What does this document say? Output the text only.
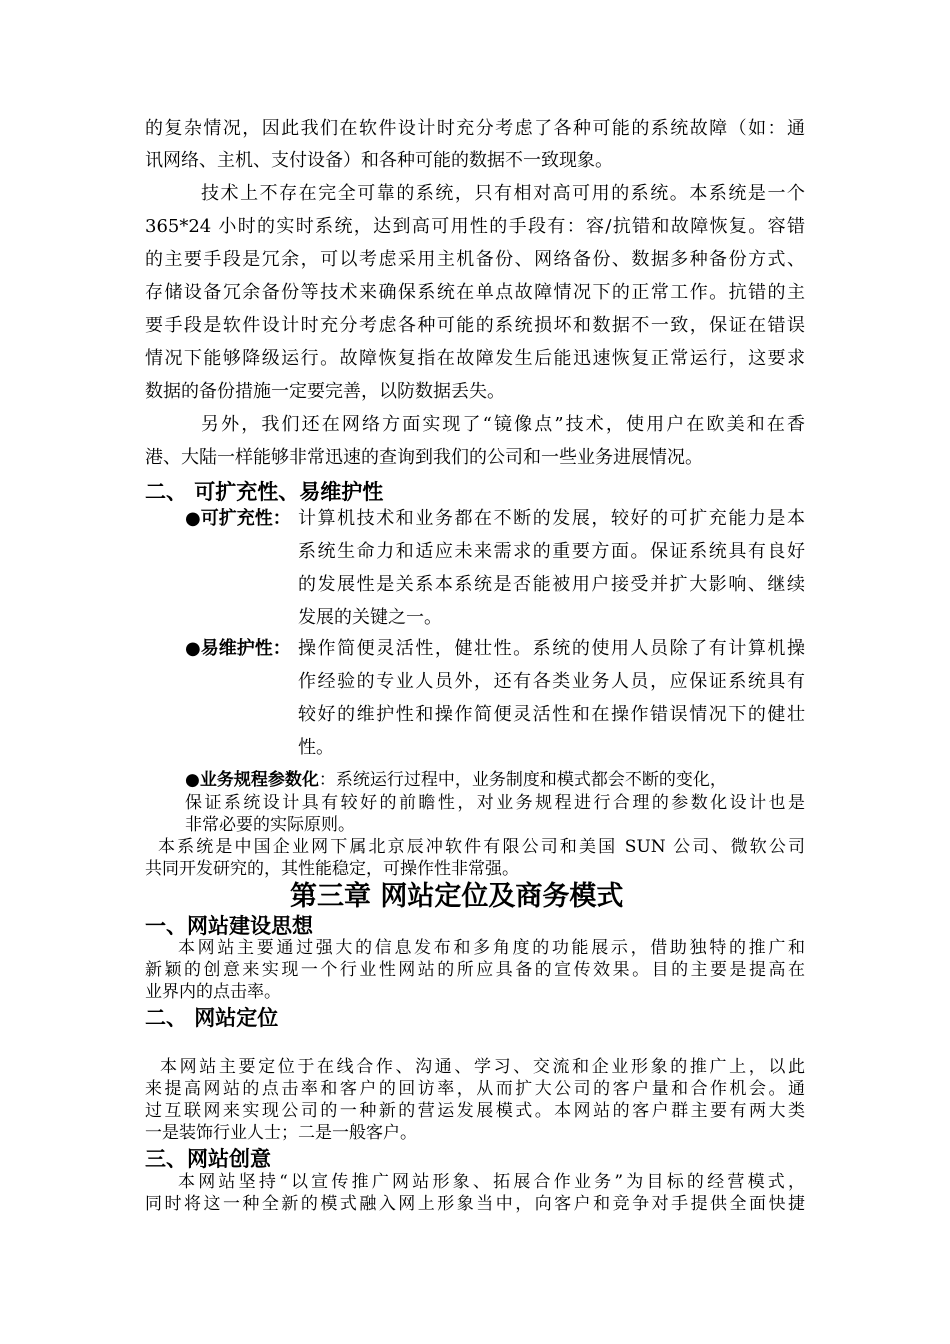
的复杂情况，因此我们在软件设计时充分考虑了各种可能的系统故障（如：通
讯网络、主机、支付设备）和各种可能的数据不一致现象。
技术上不存在完全可靠的系统，只有相对高可用的系统。本系统是一个
365*24 小时的实时系统，达到高可用性的手段有：容/抗错和故障恢复。容错
的主要手段是冗余，可以考虑采用主机备份、网络备份、数据多种备份方式、
存储设备冗余备份等技术来确保系统在单点故障情况下的正常工作。抗错的主
要手段是软件设计时充分考虑各种可能的系统损坏和数据不一致，保证在错误
情况下能够降级运行。故障恢复指在故障发生后能迅速恢复正常运行，这要求
数据的备份措施一定要完善，以防数据丢失。
另外，我们还在网络方面实现了“镜像点”技术，使用户在欧美和在香
港、大陆一样能够非常迅速的查询到我们的公司和一些业务进展情况。
二、 可扩充性、易维护性
●可扩充性： 计算机技术和业务都在不断的发展，较好的可扩充能力是本
系统生命力和适应未来需求的重要方面。保证系统具有良好
的发展性是关系本系统是否能被用户接受并扩大影响、继续
发展的关键之一。
●易维护性： 操作简便灵活性，健壮性。系统的使用人员除了有计算机操
作经验的专业人员外，还有各类业务人员，应保证系统具有
较好的维护性和操作简便灵活性和在操作错误情况下的健壮
性。
●业务规程参数化：系统运行过程中，业务制度和模式都会不断的变化，
保证系统设计具有较好的前瞻性，对业务规程进行合理的参数化设计也是
非常必要的实际原则。
本系统是中国企业网下属北京辰冲软件有限公司和美国 SUN 公司、微软公司
共同开发研究的，其性能稳定，可操作性非常强。
第三章 网站定位及商务模式
一、网站建设思想
本网站主要通过强大的信息发布和多角度的功能展示，借助独特的推广和
新颖的创意来实现一个行业性网站的所应具备的宣传效果。目的主要是提高在
业界内的点击率。
二、 网站定位
本网站主要定位于在线合作、沟通、学习、交流和企业形象的推广上，以此
来提高网站的点击率和客户的回访率，从而扩大公司的客户量和合作机会。通
过互联网来实现公司的一种新的营运发展模式。本网站的客户群主要有两大类
一是装饰行业人士；二是一般客户。
三、网站创意
本网站坚持“以宣传推广网站形象、拓展合作业务”为目标的经营模式，
同时将这一种全新的模式融入网上形象当中，向客户和竞争对手提供全面快捷
